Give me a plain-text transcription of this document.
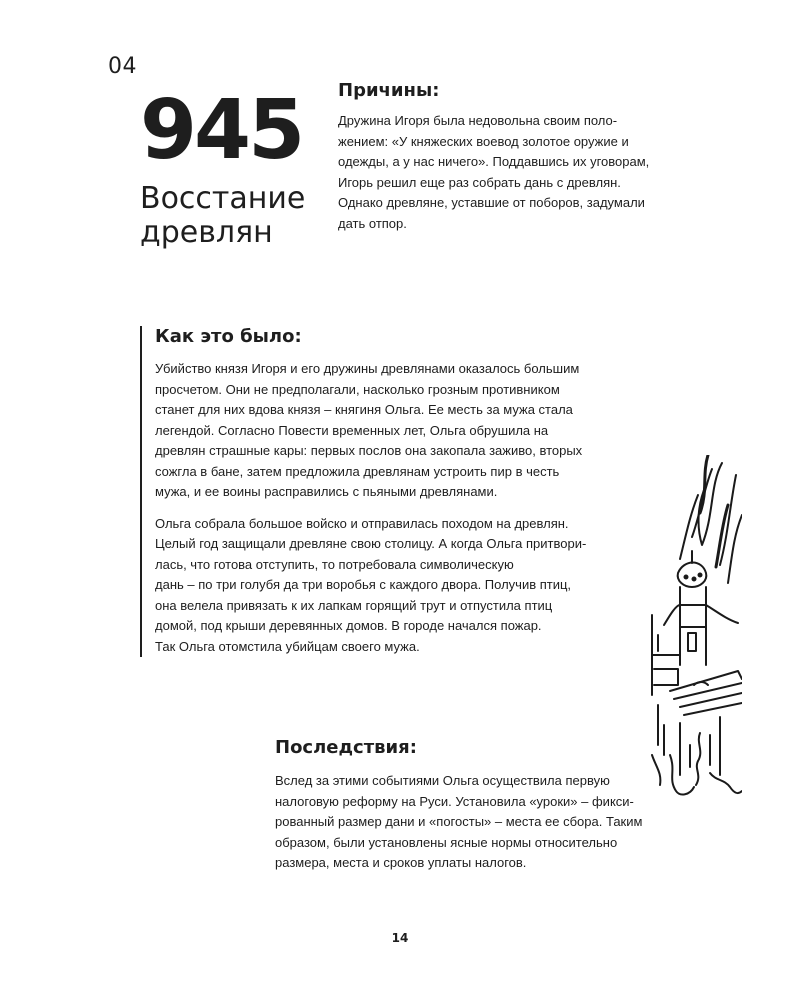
04
945
Восстание
древлян
Причины:

Дружина Игоря была недовольна своим поло-
жением: «У княжеских воевод золотое оружие и
одежды, а у нас ничего». Поддавшись их уговорам,
Игорь решил еще раз собрать дань с древлян.
Однако древляне, уставшие от поборов, задумали
дать отпор.

Как это было:

Убийство князя Игоря и его дружины древлянами оказалось большим
просчетом. Они не предполагали, насколько грозным противником
станет для них вдова князя – княгиня Ольга. Ее месть за мужа стала
легендой. Согласно Повести временных лет, Ольга обрушила на
древлян страшные кары: первых послов она закопала заживо, вторых
сожгла в бане, затем предложила древлянам устроить пир в честь
мужа, и ее воины расправились с пьяными древлянами.

Ольга собрала большое войско и отправилась походом на древлян.
Целый год защищали древляне свою столицу. А когда Ольга притвори-
лась, что готова отступить, то потребовала символическую
дань – по три голубя да три воробья с каждого двора. Получив птиц,
она велела привязать к их лапкам горящий трут и отпустила птиц
домой, под крыши деревянных домов. В городе начался пожар.
Так Ольга отомстила убийцам своего мужа.

Последствия:

Вслед за этими событиями Ольга осуществила первую
налоговую реформу на Руси. Установила «уроки» – фикси-
рованный размер дани и «погосты» – места ее сбора. Таким
образом, были установлены ясные нормы относительно
размера, места и сроков уплаты налогов.

14
